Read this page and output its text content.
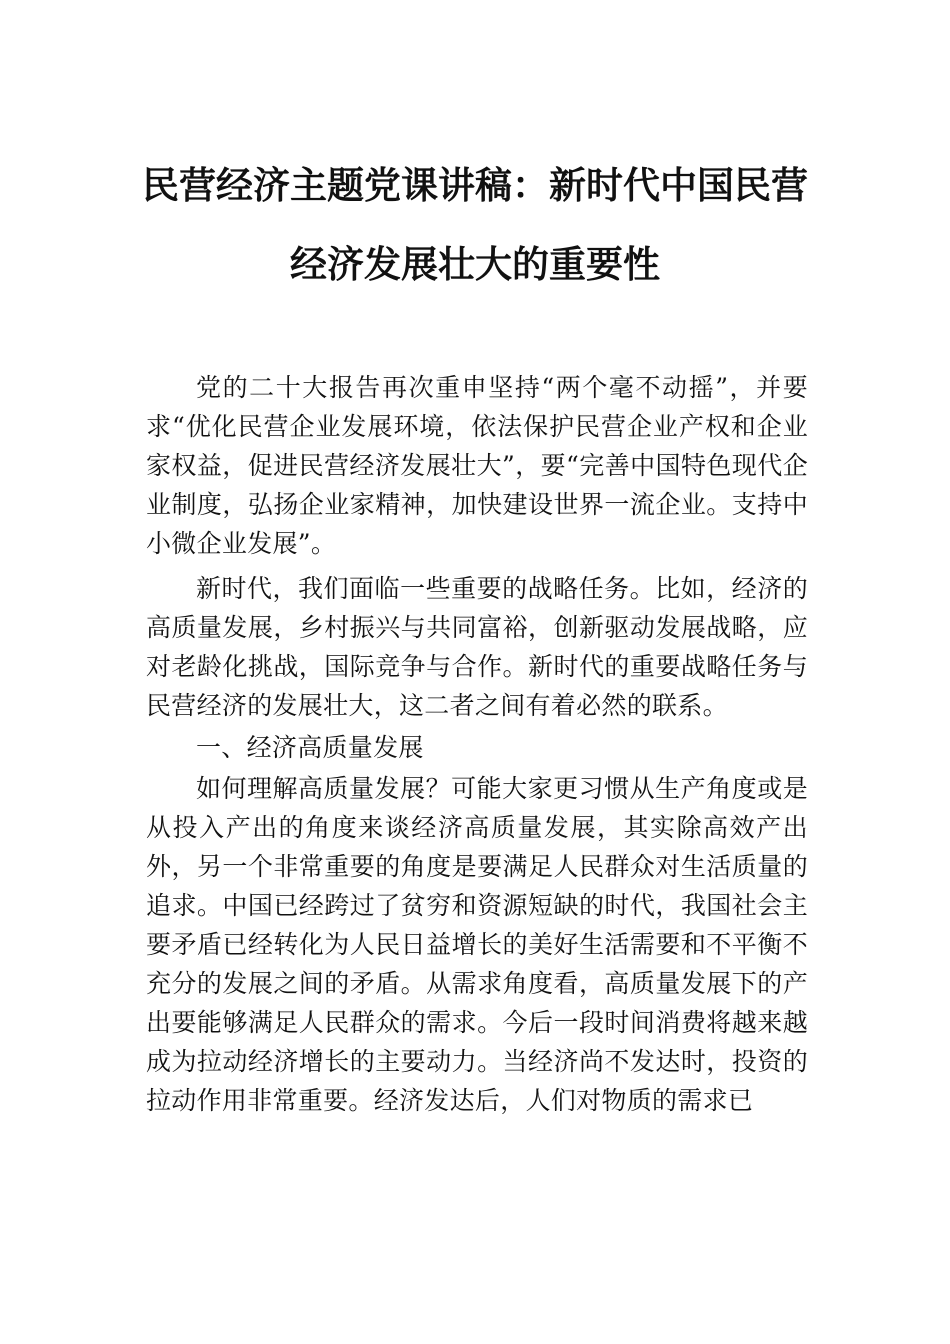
民营经济主题党课讲稿：新时代中国民营
经济发展壮大的重要性

党的二十大报告再次重申坚持“两个毫不动摇”，并要求“优化民营企业发展环境，依法保护民营企业产权和企业家权益，促进民营经济发展壮大”，要“完善中国特色现代企业制度，弘扬企业家精神，加快建设世界一流企业。支持中小微企业发展”。

新时代，我们面临一些重要的战略任务。比如，经济的高质量发展，乡村振兴与共同富裕，创新驱动发展战略，应对老龄化挑战，国际竞争与合作。新时代的重要战略任务与民营经济的发展壮大，这二者之间有着必然的联系。

一、经济高质量发展

如何理解高质量发展？可能大家更习惯从生产角度或是从投入产出的角度来谈经济高质量发展，其实除高效产出外，另一个非常重要的角度是要满足人民群众对生活质量的追求。中国已经跨过了贫穷和资源短缺的时代，我国社会主要矛盾已经转化为人民日益增长的美好生活需要和不平衡不充分的发展之间的矛盾。从需求角度看，高质量发展下的产出要能够满足人民群众的需求。今后一段时间消费将越来越成为拉动经济增长的主要动力。当经济尚不发达时，投资的拉动作用非常重要。经济发达后，人们对物质的需求已
